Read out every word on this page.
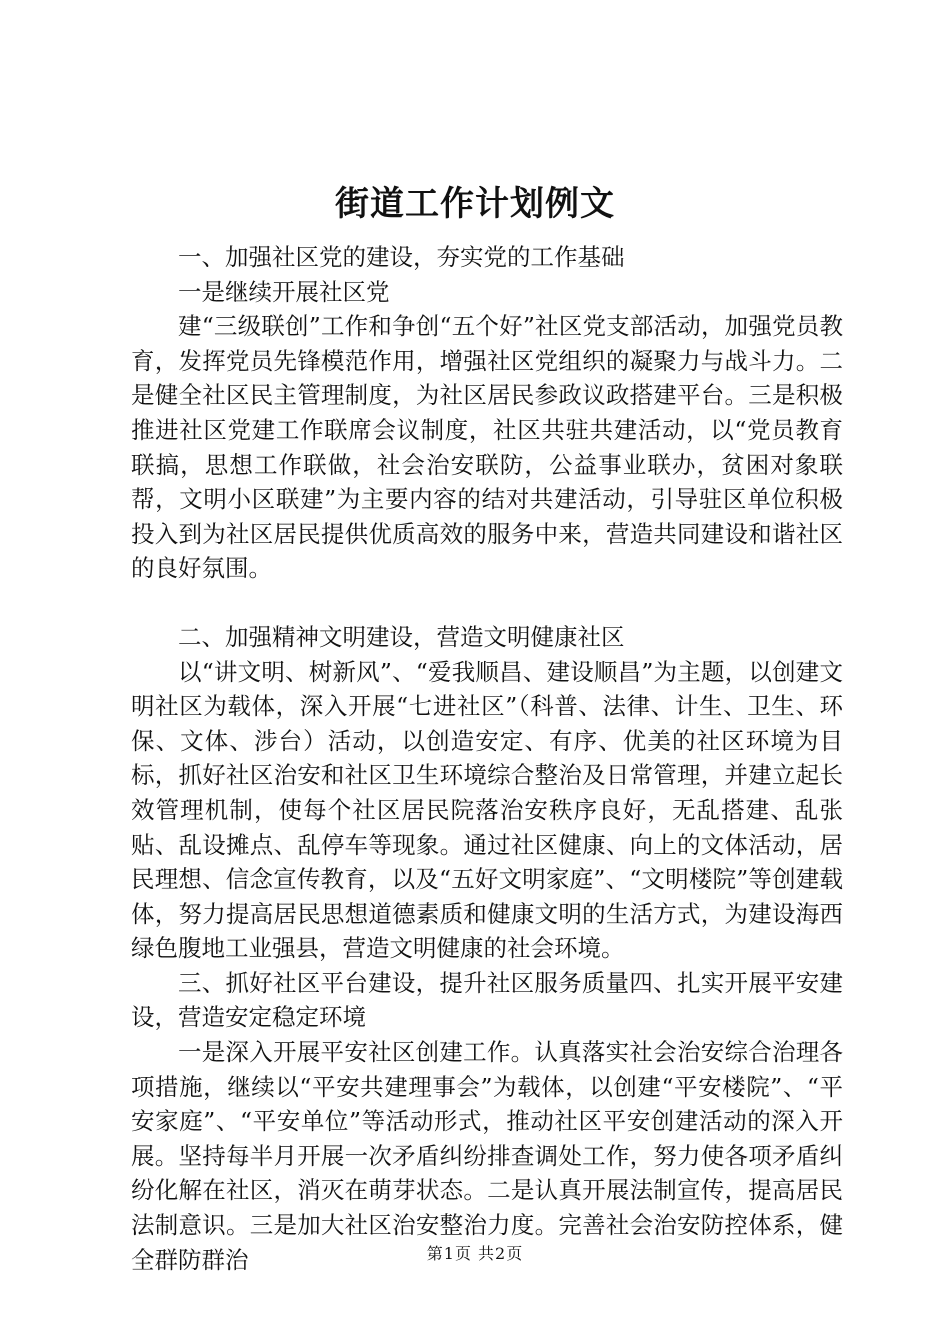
街道工作计划例文

一、加强社区党的建设，夯实党的工作基础

一是继续开展社区党

建“三级联创”工作和争创“五个好”社区党支部活动，加强党员教育，发挥党员先锋模范作用，增强社区党组织的凝聚力与战斗力。二是健全社区民主管理制度，为社区居民参政议政搭建平台。三是积极推进社区党建工作联席会议制度，社区共驻共建活动，以“党员教育联搞，思想工作联做，社会治安联防，公益事业联办，贫困对象联帮，文明小区联建”为主要内容的结对共建活动，引导驻区单位积极投入到为社区居民提供优质高效的服务中来，营造共同建设和谐社区的良好氛围。

二、加强精神文明建设，营造文明健康社区

以“讲文明、树新风”、“爱我顺昌、建设顺昌”为主题，以创建文明社区为载体，深入开展“七进社区”（科普、法律、计生、卫生、环保、文体、涉台）活动，以创造安定、有序、优美的社区环境为目标，抓好社区治安和社区卫生环境综合整治及日常管理，并建立起长效管理机制，使每个社区居民院落治安秩序良好，无乱搭建、乱张贴、乱设摊点、乱停车等现象。通过社区健康、向上的文体活动，居民理想、信念宣传教育，以及“五好文明家庭”、“文明楼院”等创建载体，努力提高居民思想道德素质和健康文明的生活方式，为建设海西绿色腹地工业强县，营造文明健康的社会环境。

三、抓好社区平台建设，提升社区服务质量四、扎实开展平安建设，营造安定稳定环境

一是深入开展平安社区创建工作。认真落实社会治安综合治理各项措施，继续以“平安共建理事会”为载体，以创建“平安楼院”、“平安家庭”、“平安单位”等活动形式，推动社区平安创建活动的深入开展。坚持每半月开展一次矛盾纠纷排查调处工作，努力使各项矛盾纠纷化解在社区，消灭在萌芽状态。二是认真开展法制宣传，提高居民法制意识。三是加大社区治安整治力度。完善社会治安防控体系，健全群防群治	第1页 共2页
